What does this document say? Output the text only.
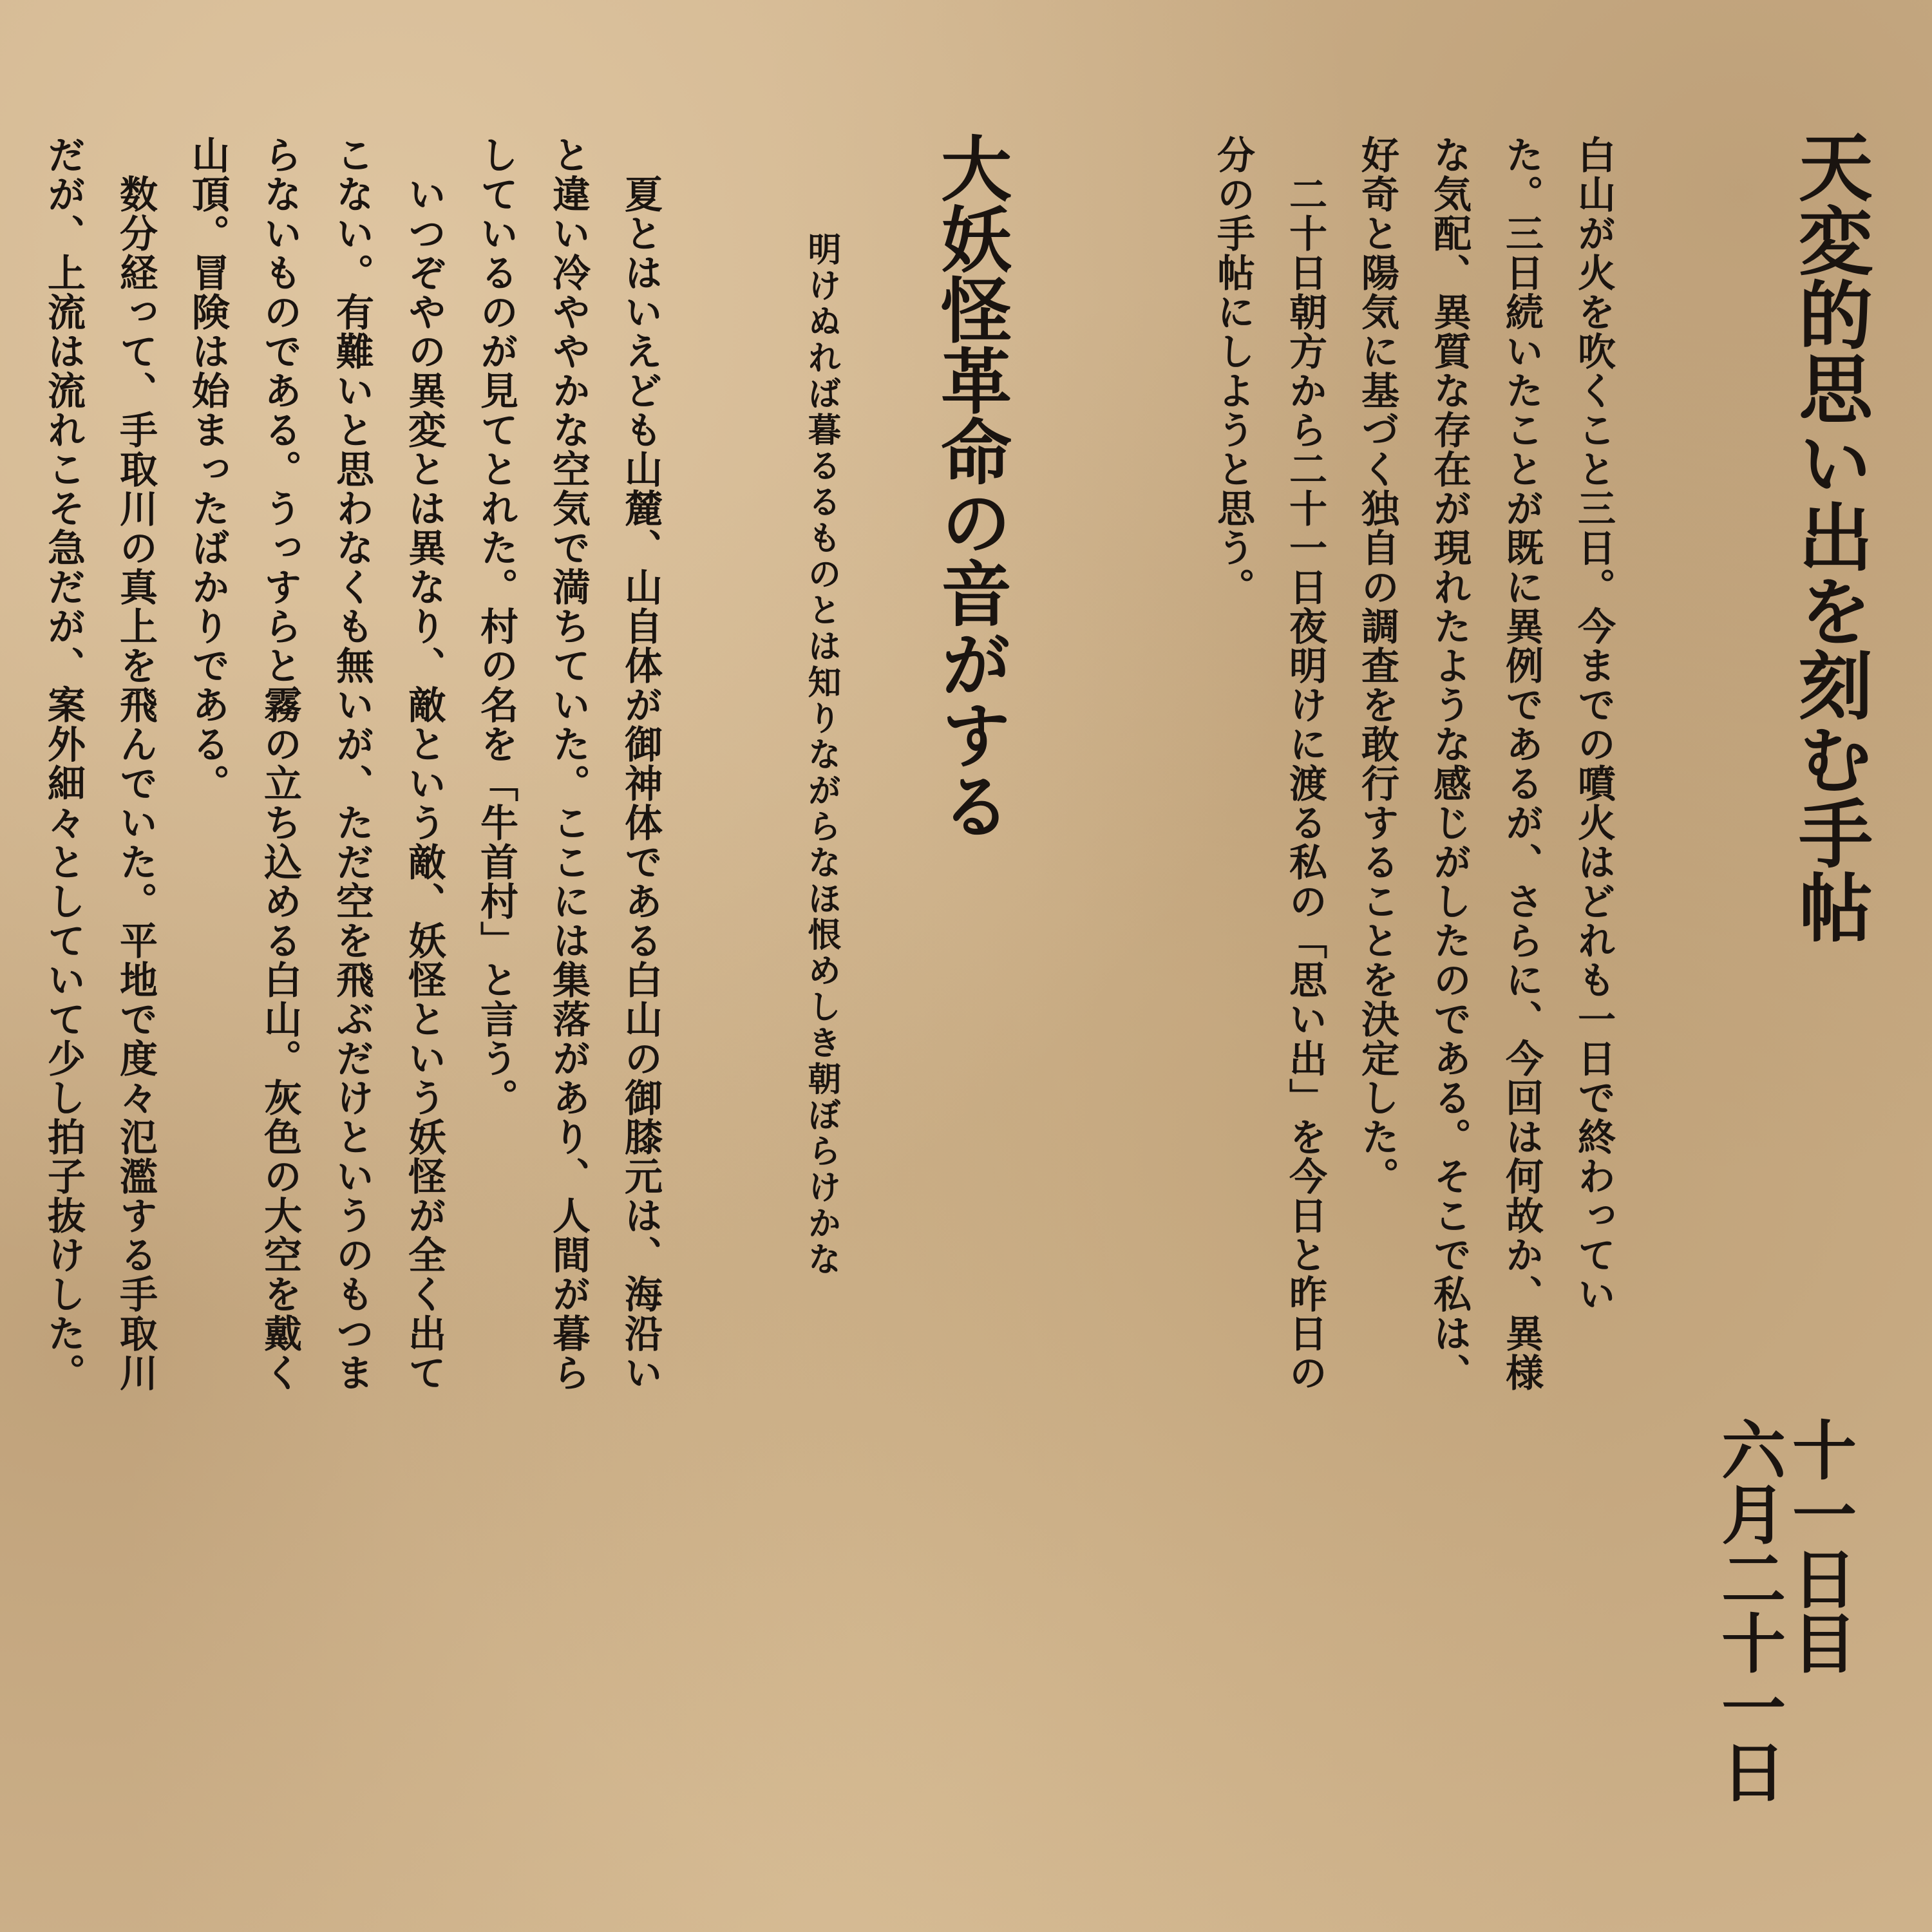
天変的思い出を刻む手帖
十一日目
六月二十一日
白山が火を吹くこと三日。今までの噴火はどれも一日で終わってい
た。三日続いたことが既に異例であるが、さらに、今回は何故か、異様
な気配、異質な存在が現れたような感じがしたのである。そこで私は、
好奇と陽気に基づく独自の調査を敢行することを決定した。
　二十日朝方から二十一日夜明けに渡る私の「思い出」を今日と昨日の
分の手帖にしようと思う。
大妖怪革命の音がする
明けぬれば暮るるものとは知りながらなほ恨めしき朝ぼらけかな
　夏とはいえども山麓、山自体が御神体である白山の御膝元は、海沿い
と違い冷ややかな空気で満ちていた。ここには集落があり、人間が暮ら
しているのが見てとれた。村の名を「牛首村」と言う。
　いつぞやの異変とは異なり、敵という敵、妖怪という妖怪が全く出て
こない。有難いと思わなくも無いが、ただ空を飛ぶだけというのもつま
らないものである。うっすらと霧の立ち込める白山。灰色の大空を戴く
山頂。冒険は始まったばかりである。
　数分経って、手取川の真上を飛んでいた。平地で度々氾濫する手取川
だが、上流は流れこそ急だが、案外細々としていて少し拍子抜けした。
